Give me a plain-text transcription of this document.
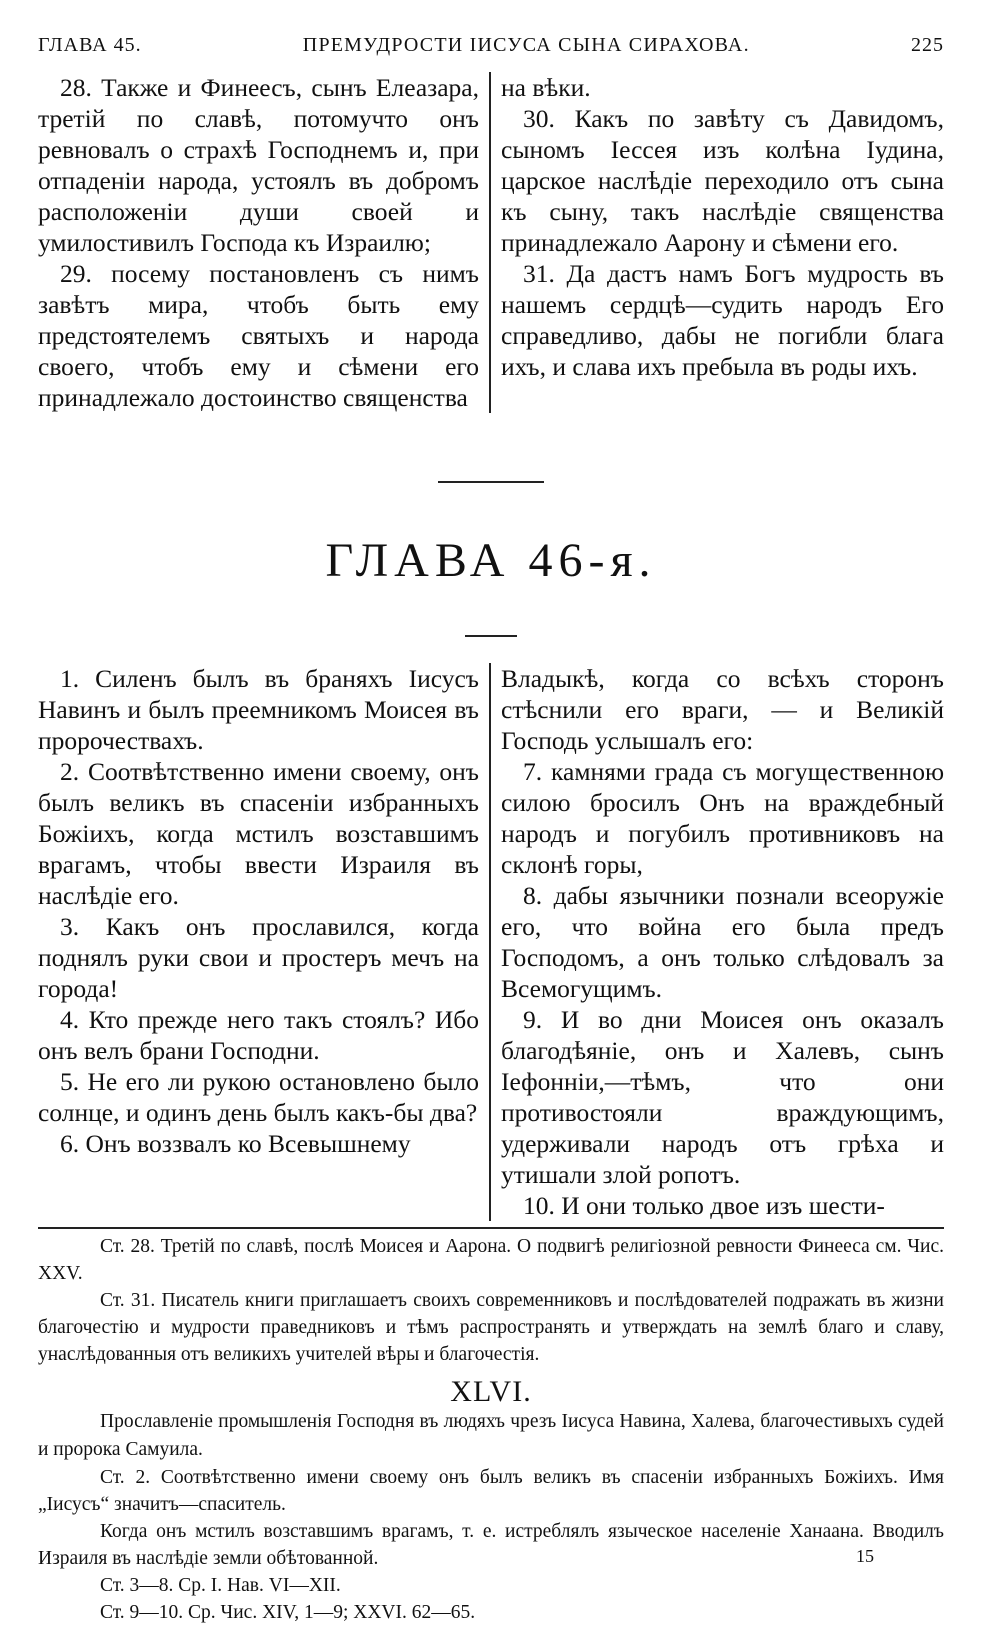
ГЛАВА 45.	ПРЕМУДРОСТИ ІИСУСА СЫНА СИРАХОВА.	225

28. Также и Финеесъ, сынъ Елеазара, третій по славѣ, потомучто онъ ревновалъ о страхѣ Господнемъ и, при отпаденіи народа, устоялъ въ добромъ расположеніи души своей и умилостивилъ Господа къ Израилю;

29. посему постановленъ съ нимъ завѣтъ мира, чтобъ быть ему предстоятелемъ святыхъ и народа своего, чтобъ ему и сѣмени его принадлежало достоинство священства

на вѣки.

30. Какъ по завѣту съ Давидомъ, сыномъ Іессея изъ колѣна Іудина, царское наслѣдіе переходило отъ сына къ сыну, такъ наслѣдіе священства принадлежало Аарону и сѣмени его.

31. Да дастъ намъ Богъ мудрость въ нашемъ сердцѣ—судить народъ Его справедливо, дабы не погибли блага ихъ, и слава ихъ пребыла въ роды ихъ.

ГЛАВА 46-я.

1. Силенъ былъ въ браняхъ Іисусъ Навинъ и былъ преемникомъ Моисея въ пророчествахъ.

2. Соотвѣтственно имени своему, онъ былъ великъ въ спасеніи избранныхъ Божіихъ, когда мстилъ возставшимъ врагамъ, чтобы ввести Израиля въ наслѣдіе его.

3. Какъ онъ прославился, когда поднялъ руки свои и простеръ мечъ на города!

4. Кто прежде него такъ стоялъ? Ибо онъ велъ брани Господни.

5. Не его ли рукою остановлено было солнце, и одинъ день былъ какъ-бы два?

6. Онъ воззвалъ ко Всевышнему

Владыкѣ, когда со всѣхъ сторонъ стѣснили его враги, — и Великій Господь услышалъ его:

7. камнями града съ могущественною силою бросилъ Онъ на враждебный народъ и погубилъ противниковъ на склонѣ горы,

8. дабы язычники познали всеоружіе его, что война его была предъ Господомъ, а онъ только слѣдовалъ за Всемогущимъ.

9. И во дни Моисея онъ оказалъ благодѣяніе, онъ и Халевъ, сынъ Іефонніи,—тѣмъ, что они противостояли враждующимъ, удерживали народъ отъ грѣха и утишали злой ропотъ.

10. И они только двое изъ шести-

Ст. 28. Третій по славѣ, послѣ Моисея и Аарона. О подвигѣ религіозной ревности Финееса см. Чис. XXV.

Ст. 31. Писатель книги приглашаетъ своихъ современниковъ и послѣдователей подражать въ жизни благочестію и мудрости праведниковъ и тѣмъ распространять и утверждать на землѣ благо и славу, унаслѣдованныя отъ великихъ учителей вѣры и благочестія.

XLVI.

Прославленіе промышленія Господня въ людяхъ чрезъ Іисуса Навина, Халева, благочестивыхъ судей и пророка Самуила.

Ст. 2. Соотвѣтственно имени своему онъ былъ великъ въ спасеніи избранныхъ Божіихъ. Имя „Іисусъ“ значитъ—спаситель.

Когда онъ мстилъ возставшимъ врагамъ, т. е. истреблялъ языческое населеніе Ханаана. Вводилъ Израиля въ наслѣдіе земли обѣтованной.

Ст. 3—8. Ср. І. Нав. VI—XII.

Ст. 9—10. Ср. Чис. XIV, 1—9; XXVI. 62—65.

15
